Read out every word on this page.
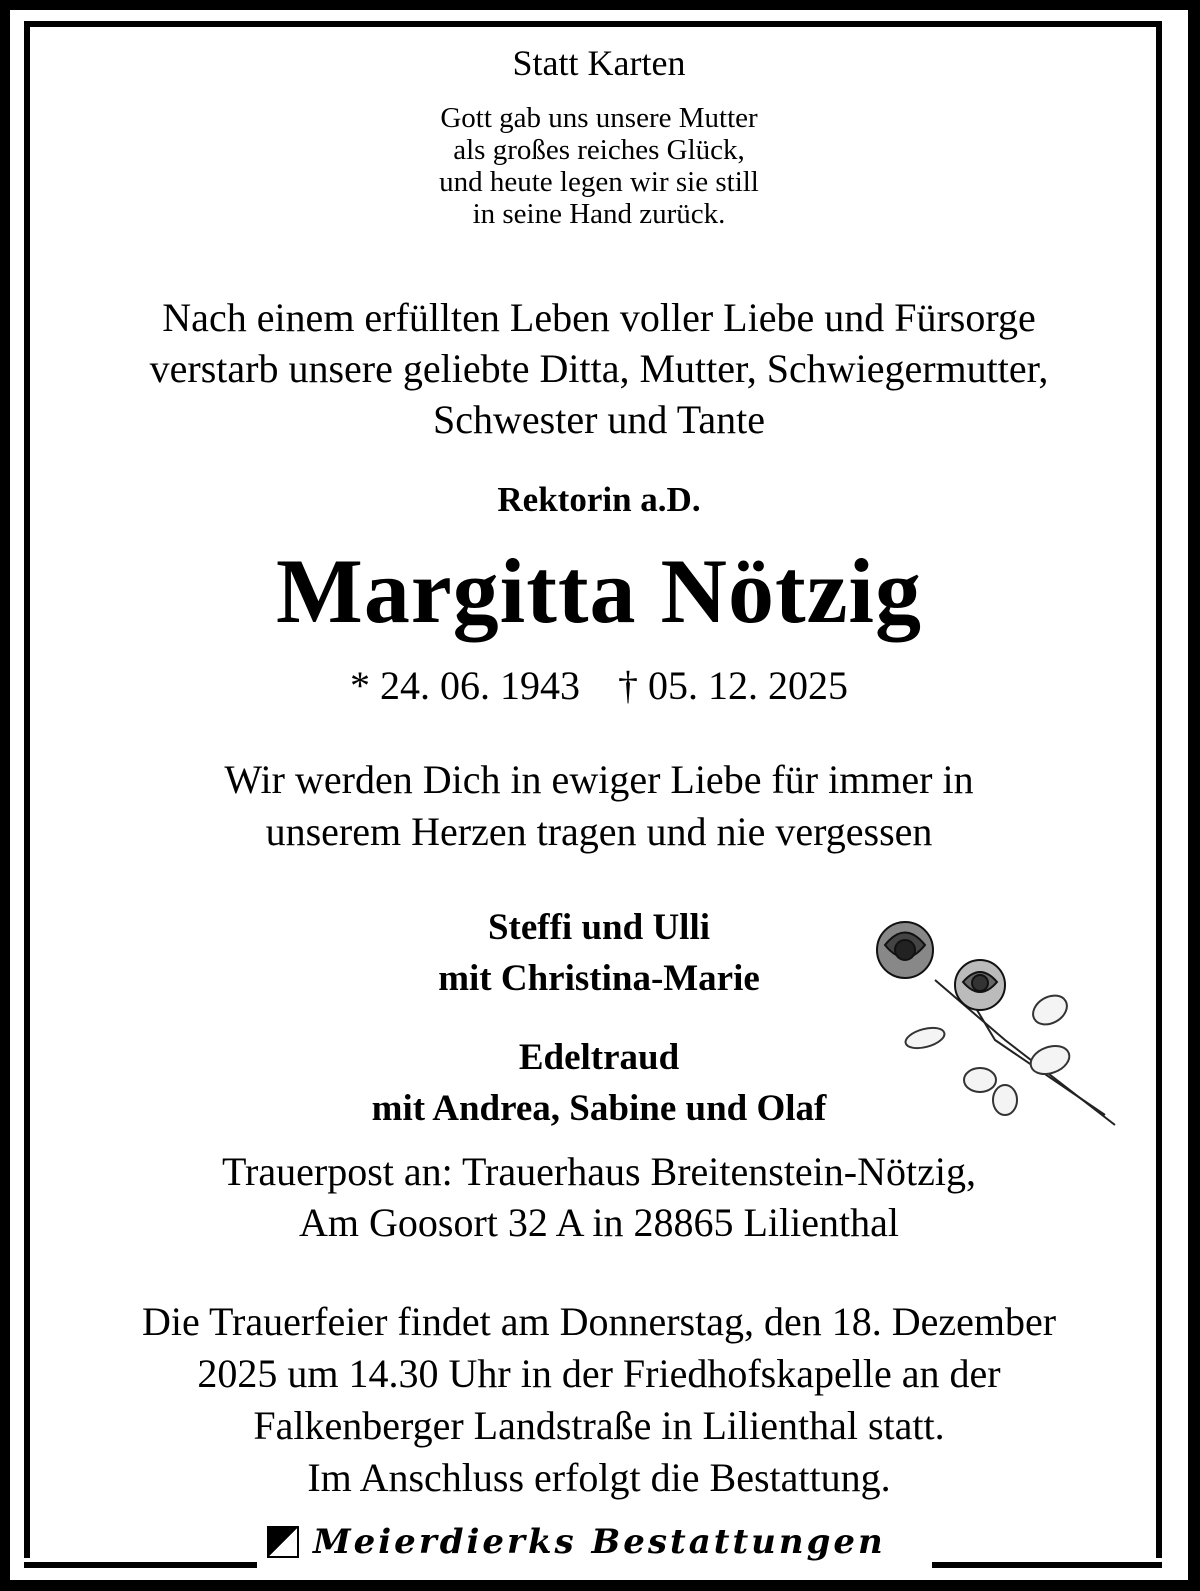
Statt Karten
Gott gab uns unsere Mutter
als großes reiches Glück,
und heute legen wir sie still
in seine Hand zurück.
Nach einem erfüllten Leben voller Liebe und Fürsorge
verstarb unsere geliebte Ditta, Mutter, Schwiegermutter,
Schwester und Tante
Rektorin a.D.
Margitta Nötzig
* 24. 06. 1943 † 05. 12. 2025
Wir werden Dich in ewiger Liebe für immer in
unserem Herzen tragen und nie vergessen
Steffi und Ulli
mit Christina-Marie
Edeltraud
mit Andrea, Sabine und Olaf
Trauerpost an: Trauerhaus Breitenstein-Nötzig,
Am Goosort 32 A in 28865 Lilienthal
Die Trauerfeier findet am Donnerstag, den 18. Dezember
2025 um 14.30 Uhr in der Friedhofskapelle an der
Falkenberger Landstraße in Lilienthal statt.
Im Anschluss erfolgt die Bestattung.
Meierdierks Bestattungen
